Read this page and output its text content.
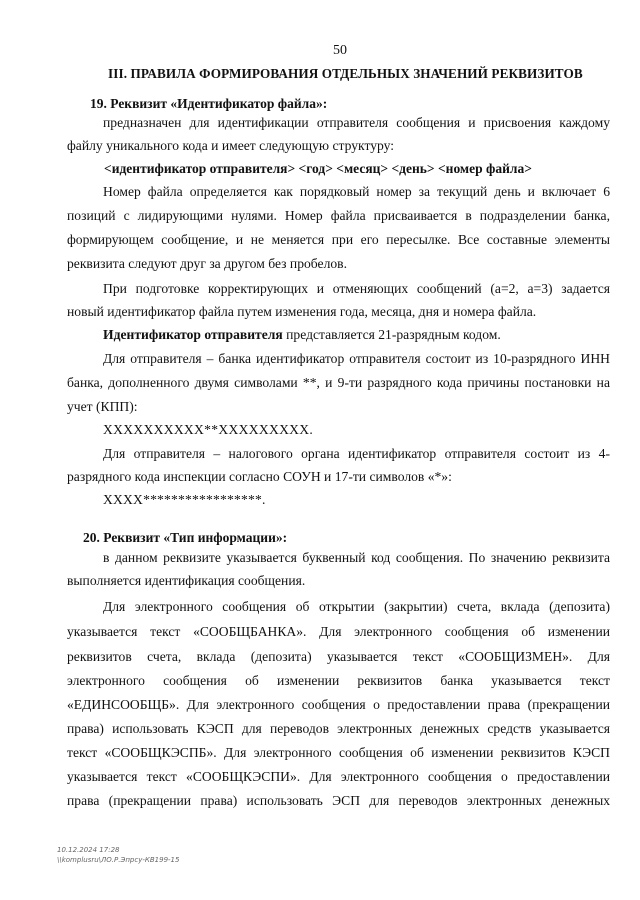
50
III. ПРАВИЛА ФОРМИРОВАНИЯ ОТДЕЛЬНЫХ ЗНАЧЕНИЙ РЕКВИЗИТОВ
19. Реквизит «Идентификатор файла»:
предназначен для идентификации отправителя сообщения и присвоения каждому
файлу уникального кода и имеет следующую структуру:
<идентификатор отправителя> <год> <месяц> <день> <номер файла>
Номер файла определяется как порядковый номер за текущий день и включает 6
позиций с лидирующими нулями. Номер файла присваивается в подразделении банка,
формирующем сообщение, и не меняется при его пересылке. Все составные элементы
реквизита следуют друг за другом без пробелов.
При подготовке корректирующих и отменяющих сообщений (a=2, a=3) задается
новый идентификатор файла путем изменения года, месяца, дня и номера файла.
Идентификатор отправителя представляется 21-разрядным кодом.
Для отправителя – банка идентификатор отправителя состоит из 10-разрядного ИНН
банка, дополненного двумя символами **, и 9-ти разрядного кода причины постановки на
учет (КПП):
XXXXXXXXXX**XXXXXXXXX.
Для отправителя – налогового органа идентификатор отправителя состоит из 4-
разрядного кода инспекции согласно СОУН и 17-ти символов «*»:
XXXX*****************.
20. Реквизит «Тип информации»:
в данном реквизите указывается буквенный код сообщения. По значению реквизита
выполняется идентификация сообщения.
Для электронного сообщения об открытии (закрытии) счета, вклада (депозита)
указывается текст «СООБЩБАНКА». Для электронного сообщения об изменении
реквизитов счета, вклада (депозита) указывается текст «СООБЩИЗМЕН». Для
электронного сообщения об изменении реквизитов банка указывается текст
«ЕДИНСООБЩБ». Для электронного сообщения о предоставлении права (прекращении
права) использовать КЭСП для переводов электронных денежных средств указывается
текст «СООБЩКЭСПБ». Для электронного сообщения об изменении реквизитов КЭСП
указывается текст «СООБЩКЭСПИ». Для электронного сообщения о предоставлении
права (прекращении права) использовать ЭСП для переводов электронных денежных
10.12.2024 17:28
\\komplusru\ЛО.Р.Эпрсу-КВ199-15
